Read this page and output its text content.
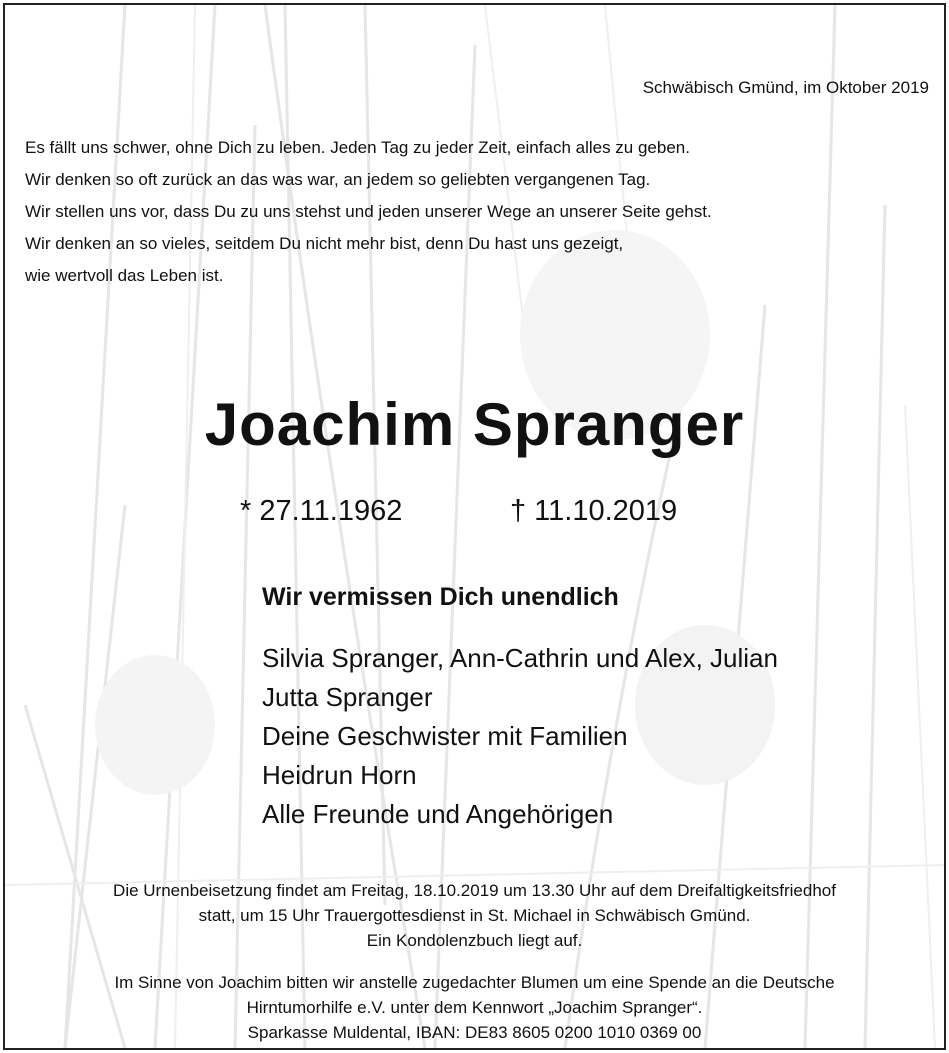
Schwäbisch Gmünd, im Oktober 2019
Es fällt uns schwer, ohne Dich zu leben. Jeden Tag zu jeder Zeit, einfach alles zu geben.
Wir denken so oft zurück an das was war, an jedem so geliebten vergangenen Tag.
Wir stellen uns vor, dass Du zu uns stehst und jeden unserer Wege an unserer Seite gehst.
Wir denken an so vieles, seitdem Du nicht mehr bist, denn Du hast uns gezeigt,
wie wertvoll das Leben ist.
Joachim Spranger
* 27.11.1962	† 11.10.2019
Wir vermissen Dich unendlich
Silvia Spranger, Ann-Cathrin und Alex, Julian
Jutta Spranger
Deine Geschwister mit Familien
Heidrun Horn
Alle Freunde und Angehörigen
Die Urnenbeisetzung findet am Freitag, 18.10.2019 um 13.30 Uhr auf dem Dreifaltigkeitsfriedhof
statt, um 15 Uhr Trauergottesdienst in St. Michael in Schwäbisch Gmünd.
Ein Kondolenzbuch liegt auf.
Im Sinne von Joachim bitten wir anstelle zugedachter Blumen um eine Spende an die Deutsche
Hirntumorhilfe e.V. unter dem Kennwort „Joachim Spranger“.
Sparkasse Muldental, IBAN: DE83 8605 0200 1010 0369 00
